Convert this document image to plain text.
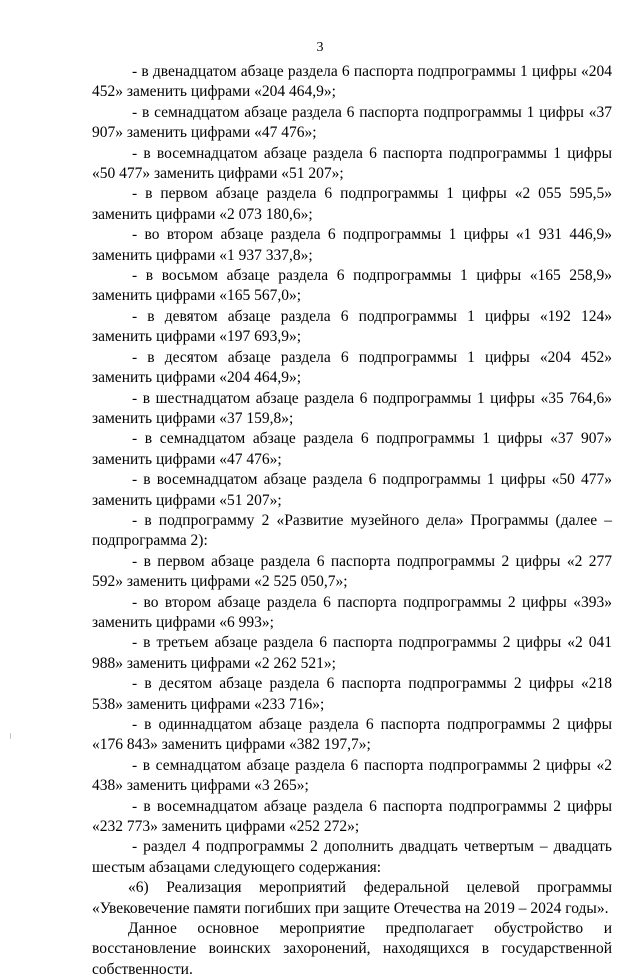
3

- в двенадцатом абзаце раздела 6 паспорта подпрограммы 1 цифры «204 452» заменить цифрами «204 464,9»;

- в семнадцатом абзаце раздела 6 паспорта подпрограммы 1 цифры «37 907» заменить цифрами «47 476»;

- в восемнадцатом абзаце раздела 6 паспорта подпрограммы 1 цифры «50 477» заменить цифрами «51 207»;

- в первом абзаце раздела 6 подпрограммы 1 цифры «2 055 595,5» заменить цифрами «2 073 180,6»;

- во втором абзаце раздела 6 подпрограммы 1 цифры «1 931 446,9» заменить цифрами «1 937 337,8»;

- в восьмом абзаце раздела 6 подпрограммы 1 цифры «165 258,9» заменить цифрами «165 567,0»;

- в девятом абзаце раздела 6 подпрограммы 1 цифры «192 124» заменить цифрами «197 693,9»;

- в десятом абзаце раздела 6 подпрограммы 1 цифры «204 452» заменить цифрами «204 464,9»;

- в шестнадцатом абзаце раздела 6 подпрограммы 1 цифры «35 764,6» заменить цифрами «37 159,8»;

- в семнадцатом абзаце раздела 6 подпрограммы 1 цифры «37 907» заменить цифрами «47 476»;

- в восемнадцатом абзаце раздела 6 подпрограммы 1 цифры «50 477» заменить цифрами «51 207»;

- в подпрограмму 2 «Развитие музейного дела» Программы (далее – подпрограмма 2):

- в первом абзаце раздела 6 паспорта подпрограммы 2 цифры «2 277 592» заменить цифрами «2 525 050,7»;

- во втором абзаце раздела 6 паспорта подпрограммы 2 цифры «393» заменить цифрами «6 993»;

- в третьем абзаце раздела 6 паспорта подпрограммы 2 цифры «2 041 988» заменить цифрами «2 262 521»;

- в десятом абзаце раздела 6 паспорта подпрограммы 2 цифры «218 538» заменить цифрами «233 716»;

- в одиннадцатом абзаце раздела 6 паспорта подпрограммы 2 цифры «176 843» заменить цифрами «382 197,7»;

- в семнадцатом абзаце раздела 6 паспорта подпрограммы 2 цифры «2 438» заменить цифрами «3 265»;

- в восемнадцатом абзаце раздела 6 паспорта подпрограммы 2 цифры «232 773» заменить цифрами «252 272»;

- раздел 4 подпрограммы 2 дополнить двадцать четвертым – двадцать шестым абзацами следующего содержания:

«6) Реализация мероприятий федеральной целевой программы «Увековечение памяти погибших при защите Отечества на 2019 – 2024 годы».

Данное основное мероприятие предполагает обустройство и восстановление воинских захоронений, находящихся в государственной собственности.
